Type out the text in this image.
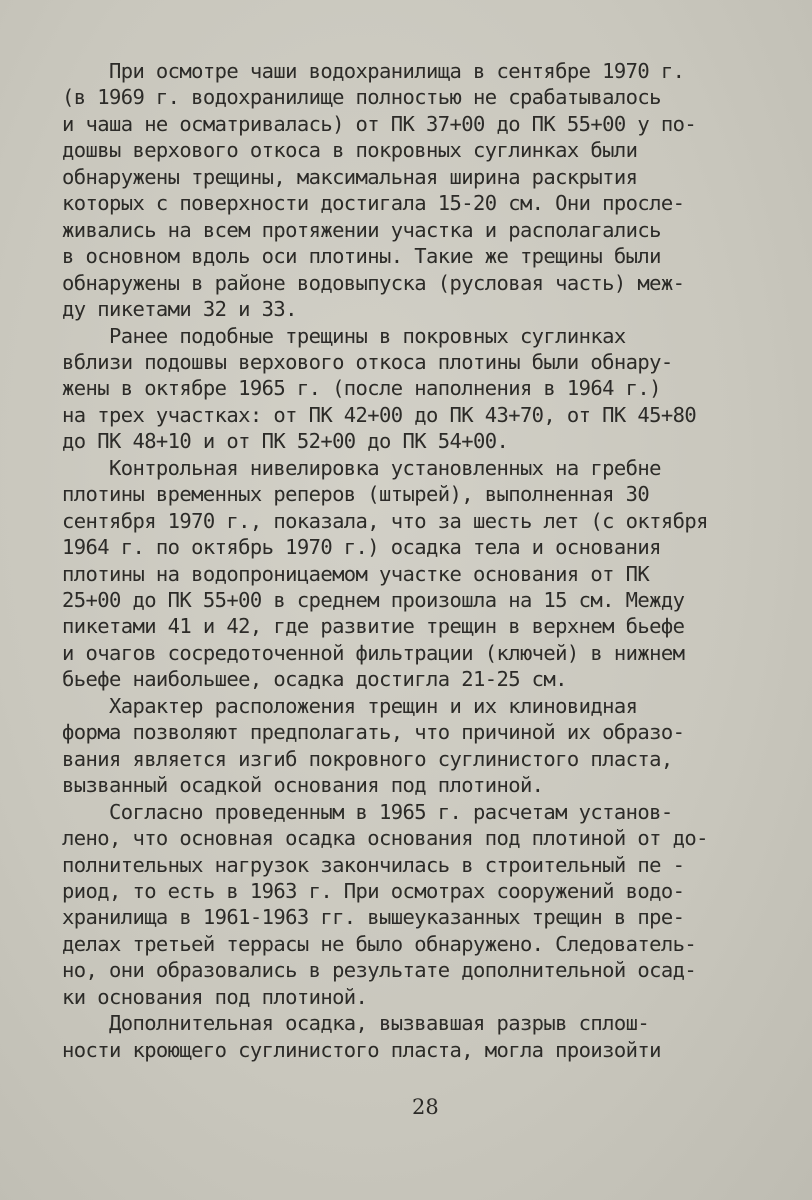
При осмотре чаши водохранилища в сентябре 1970 г.
(в 1969 г. водохранилище полностью не срабатывалось
и чаша не осматривалась) от ПК 37+00 до ПК 55+00 у по-
дошвы верхового откоса в покровных суглинках были
обнаружены трещины, максимальная ширина раскрытия
которых с поверхности достигала 15-20 см. Они просле-
живались на всем протяжении участка и располагались
в основном вдоль оси плотины. Такие же трещины были
обнаружены в районе водовыпуска (русловая часть) меж-
ду пикетами 32 и 33.
Ранее подобные трещины в покровных суглинках
вблизи подошвы верхового откоса плотины были обнару-
жены в октябре 1965 г. (после наполнения в 1964 г.)
на трех участках: от ПК 42+00 до ПК 43+70, от ПК 45+80
до ПК 48+10 и от ПК 52+00 до ПК 54+00.
Контрольная нивелировка установленных на гребне
плотины временных реперов (штырей), выполненная 30
сентября 1970 г., показала, что за шесть лет (с октября
1964 г. по октябрь 1970 г.) осадка тела и основания
плотины на водопроницаемом участке основания от ПК
25+00 до ПК 55+00 в среднем произошла на 15 см. Между
пикетами 41 и 42, где развитие трещин в верхнем бьефе
и очагов сосредоточенной фильтрации (ключей) в нижнем
бьефе наибольшее, осадка достигла 21-25 см.
Характер расположения трещин и их клиновидная
форма позволяют предполагать, что причиной их образо-
вания является изгиб покровного суглинистого пласта,
вызванный осадкой основания под плотиной.
Согласно проведенным в 1965 г. расчетам установ-
лено, что основная осадка основания под плотиной от до-
полнительных нагрузок закончилась в строительный пе -
риод, то есть в 1963 г. При осмотрах сооружений водо-
хранилища в 1961-1963 гг. вышеуказанных трещин в пре-
делах третьей террасы не было обнаружено. Следователь-
но, они образовались в результате дополнительной осад-
ки основания под плотиной.
Дополнительная осадка, вызвавшая разрыв сплош-
ности кроющего суглинистого пласта, могла произойти
28
